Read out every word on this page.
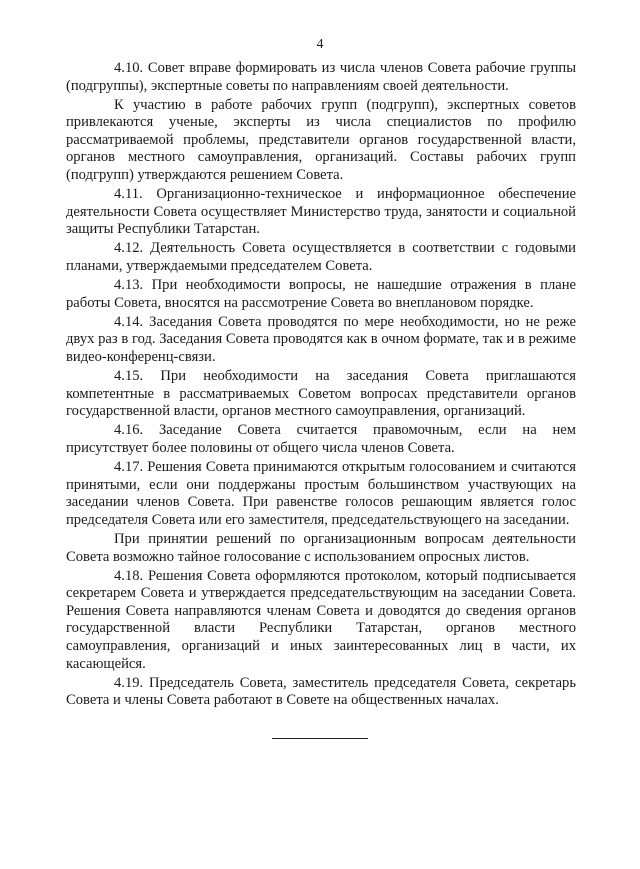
4

4.10. Совет вправе формировать из числа членов Совета рабочие группы (подгруппы), экспертные советы по направлениям своей деятельности.

К участию в работе рабочих групп (подгрупп), экспертных советов привлекаются ученые, эксперты из числа специалистов по профилю рассматриваемой проблемы, представители органов государственной власти, органов местного самоуправления, организаций. Составы рабочих групп (подгрупп) утверждаются решением Совета.

4.11. Организационно-техническое и информационное обеспечение деятельности Совета осуществляет Министерство труда, занятости и социальной защиты Республики Татарстан.

4.12. Деятельность Совета осуществляется в соответствии с годовыми планами, утверждаемыми председателем Совета.

4.13. При необходимости вопросы, не нашедшие отражения в плане работы Совета, вносятся на рассмотрение Совета во внеплановом порядке.

4.14. Заседания Совета проводятся по мере необходимости, но не реже двух раз в год. Заседания Совета проводятся как в очном формате, так и в режиме видео-конференц-связи.

4.15. При необходимости на заседания Совета приглашаются компетентные в рассматриваемых Советом вопросах представители органов государственной власти, органов местного самоуправления, организаций.

4.16. Заседание Совета считается правомочным, если на нем присутствует более половины от общего числа членов Совета.

4.17. Решения Совета принимаются открытым голосованием и считаются принятыми, если они поддержаны простым большинством участвующих на заседании членов Совета. При равенстве голосов решающим является голос председателя Совета или его заместителя, председательствующего на заседании.

При принятии решений по организационным вопросам деятельности Совета возможно тайное голосование с использованием опросных листов.

4.18. Решения Совета оформляются протоколом, который подписывается секретарем Совета и утверждается председательствующим на заседании Совета. Решения Совета направляются членам Совета и доводятся до сведения органов государственной власти Республики Татарстан, органов местного самоуправления, организаций и иных заинтересованных лиц в части, их касающейся.

4.19. Председатель Совета, заместитель председателя Совета, секретарь Совета и члены Совета работают в Совете на общественных началах.
